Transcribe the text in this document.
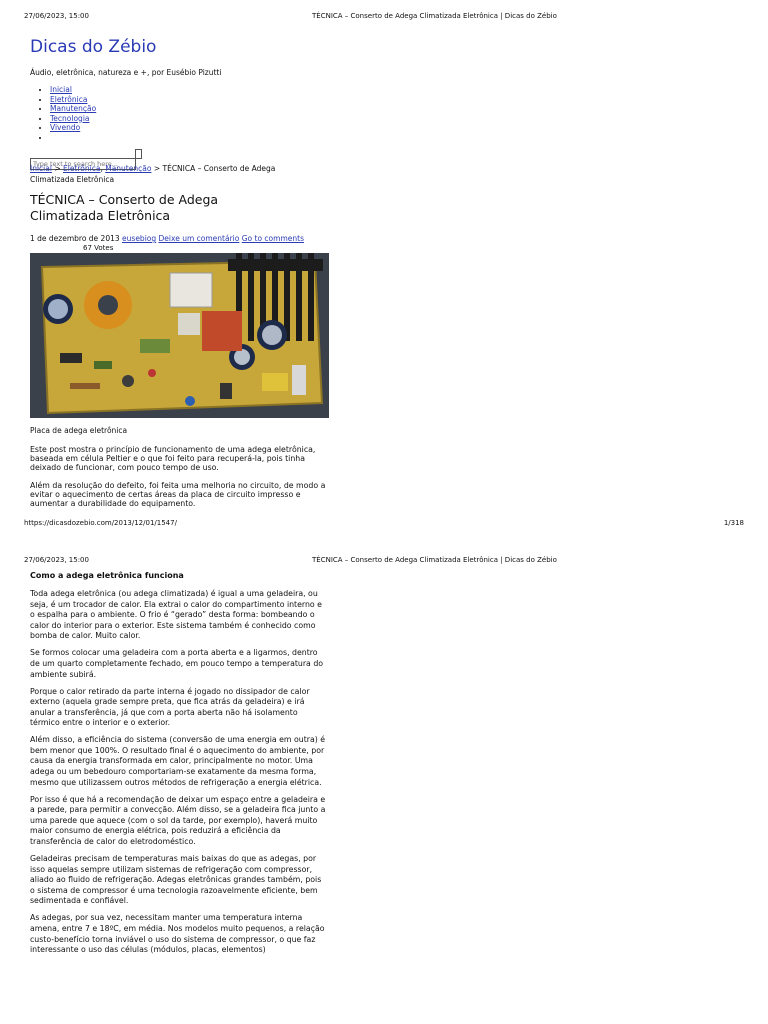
27/06/2023, 15:00	TÉCNICA – Conserto de Adega Climatizada Eletrônica | Dicas do Zébio
Dicas do Zébio
Áudio, eletrônica, natureza e +, por Eusébio Pizutti
• Inicial
• Eletrônica
• Manutenção
• Tecnologia
• Vivendo
•
Type text to search here...
Inicial > Eletrônica, Manutenção > TÉCNICA – Conserto de Adega Climatizada Eletrônica
TÉCNICA – Conserto de Adega Climatizada Eletrônica
1 de dezembro de 2013 eusebiog Deixe um comentário Go to comments
67 Votes
Placa de adega eletrônica

Este post mostra o princípio de funcionamento de uma adega eletrônica, baseada em célula Peltier e o que foi feito para recuperá-la, pois tinha deixado de funcionar, com pouco tempo de uso.

Além da resolução do defeito, foi feita uma melhoria no circuito, de modo a evitar o aquecimento de certas áreas da placa de circuito impresso e aumentar a durabilidade do equipamento.

https://dicasdozebio.com/2013/12/01/1547/	1/318
27/06/2023, 15:00	TÉCNICA – Conserto de Adega Climatizada Eletrônica | Dicas do Zébio
Como a adega eletrônica funciona

Toda adega eletrônica (ou adega climatizada) é igual a uma geladeira, ou seja, é um trocador de calor. Ela extrai o calor do compartimento interno e o espalha para o ambiente. O frio é “gerado” desta forma: bombeando o calor do interior para o exterior. Este sistema também é conhecido como bomba de calor. Muito calor.

Se formos colocar uma geladeira com a porta aberta e a ligarmos, dentro de um quarto completamente fechado, em pouco tempo a temperatura do ambiente subirá.

Porque o calor retirado da parte interna é jogado no dissipador de calor externo (aquela grade sempre preta, que fica atrás da geladeira) e irá anular a transferência, já que com a porta aberta não há isolamento térmico entre o interior e o exterior.

Além disso, a eficiência do sistema (conversão de uma energia em outra) é bem menor que 100%. O resultado final é o aquecimento do ambiente, por causa da energia transformada em calor, principalmente no motor. Uma adega ou um bebedouro comportariam-se exatamente da mesma forma, mesmo que utilizassem outros métodos de refrigeração a energia elétrica.

Por isso é que há a recomendação de deixar um espaço entre a geladeira e a parede, para permitir a convecção. Além disso, se a geladeira fica junto a uma parede que aquece (com o sol da tarde, por exemplo), haverá muito maior consumo de energia elétrica, pois reduzirá a eficiência da transferência de calor do eletrodoméstico.

Geladeiras precisam de temperaturas mais baixas do que as adegas, por isso aquelas sempre utilizam sistemas de refrigeração com compressor, aliado ao fluido de refrigeração. Adegas eletrônicas grandes também, pois o sistema de compressor é uma tecnologia razoavelmente eficiente, bem sedimentada e confiável.

As adegas, por sua vez, necessitam manter uma temperatura interna amena, entre 7 e 18ºC, em média. Nos modelos muito pequenos, a relação custo-benefício torna inviável o uso do sistema de compressor, o que faz interessante o uso das células (módulos, placas, elementos)
